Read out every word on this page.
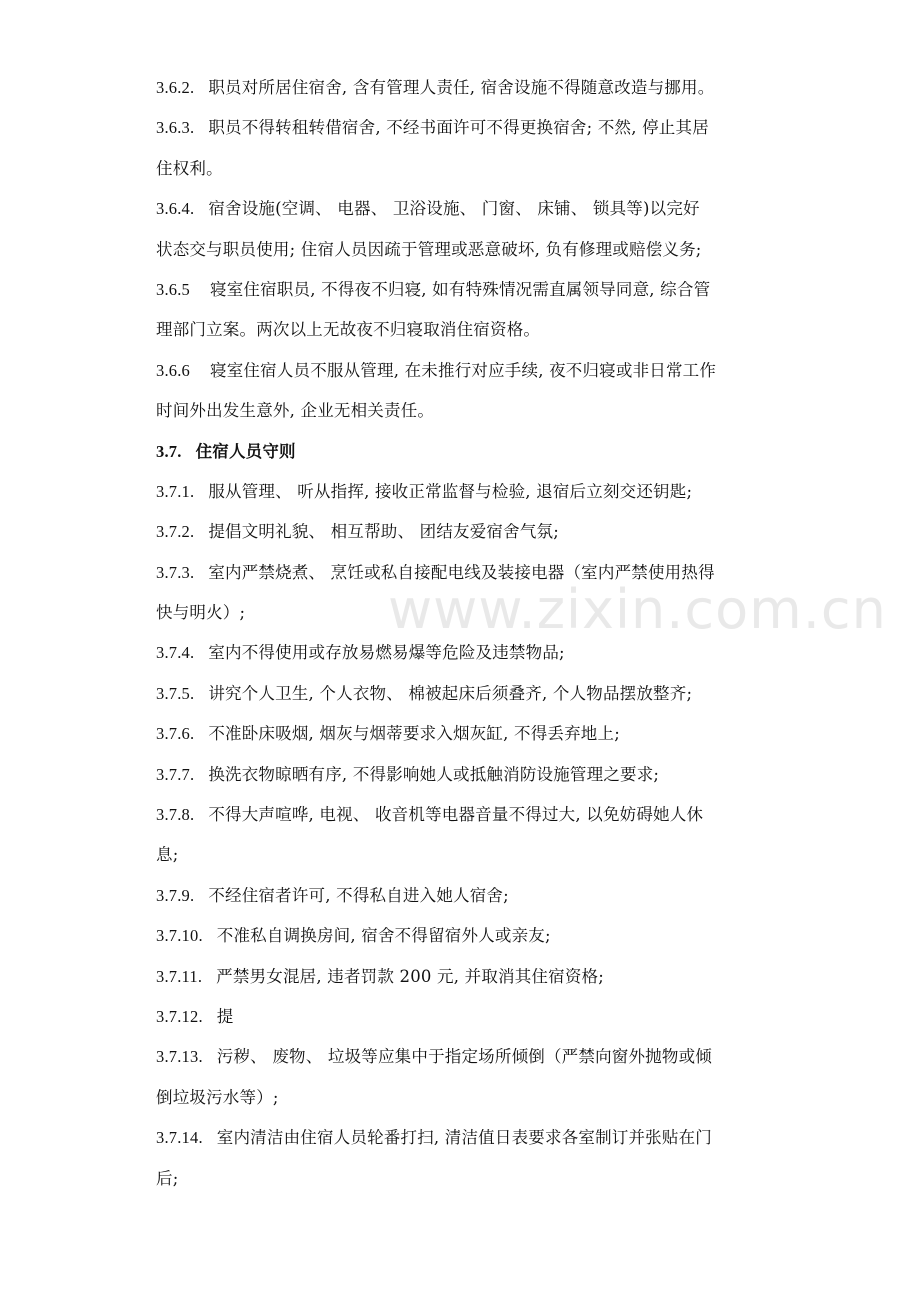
www.zixin.com.cn
3.6.2. 职员对所居住宿舍, 含有管理人责任, 宿舍设施不得随意改造与挪用。
3.6.3. 职员不得转租转借宿舍, 不经书面许可不得更换宿舍; 不然, 停止其居
住权利。
3.6.4. 宿舍设施(空调、 电器、 卫浴设施、 门窗、 床铺、 锁具等)以完好
状态交与职员使用; 住宿人员因疏于管理或恶意破坏, 负有修理或赔偿义务;
3.6.5 寝室住宿职员, 不得夜不归寝, 如有特殊情况需直属领导同意, 综合管
理部门立案。两次以上无故夜不归寝取消住宿资格。
3.6.6 寝室住宿人员不服从管理, 在未推行对应手续, 夜不归寝或非日常工作
时间外出发生意外, 企业无相关责任。
3.7. 住宿人员守则
3.7.1. 服从管理、 听从指挥, 接收正常监督与检验, 退宿后立刻交还钥匙;
3.7.2. 提倡文明礼貌、 相互帮助、 团结友爱宿舍气氛;
3.7.3. 室内严禁烧煮、 烹饪或私自接配电线及装接电器（室内严禁使用热得
快与明火）;
3.7.4. 室内不得使用或存放易燃易爆等危险及违禁物品;
3.7.5. 讲究个人卫生, 个人衣物、 棉被起床后须叠齐, 个人物品摆放整齐;
3.7.6. 不准卧床吸烟, 烟灰与烟蒂要求入烟灰缸, 不得丢弃地上;
3.7.7. 换洗衣物晾晒有序, 不得影响她人或抵触消防设施管理之要求;
3.7.8. 不得大声喧哗, 电视、 收音机等电器音量不得过大, 以免妨碍她人休
息;
3.7.9. 不经住宿者许可, 不得私自进入她人宿舍;
3.7.10. 不准私自调换房间, 宿舍不得留宿外人或亲友;
3.7.11. 严禁男女混居, 违者罚款 200 元, 并取消其住宿资格;
3.7.12. 提
3.7.13. 污秽、 废物、 垃圾等应集中于指定场所倾倒（严禁向窗外抛物或倾
倒垃圾污水等）;
3.7.14. 室内清洁由住宿人员轮番打扫, 清洁值日表要求各室制订并张贴在门
后;
